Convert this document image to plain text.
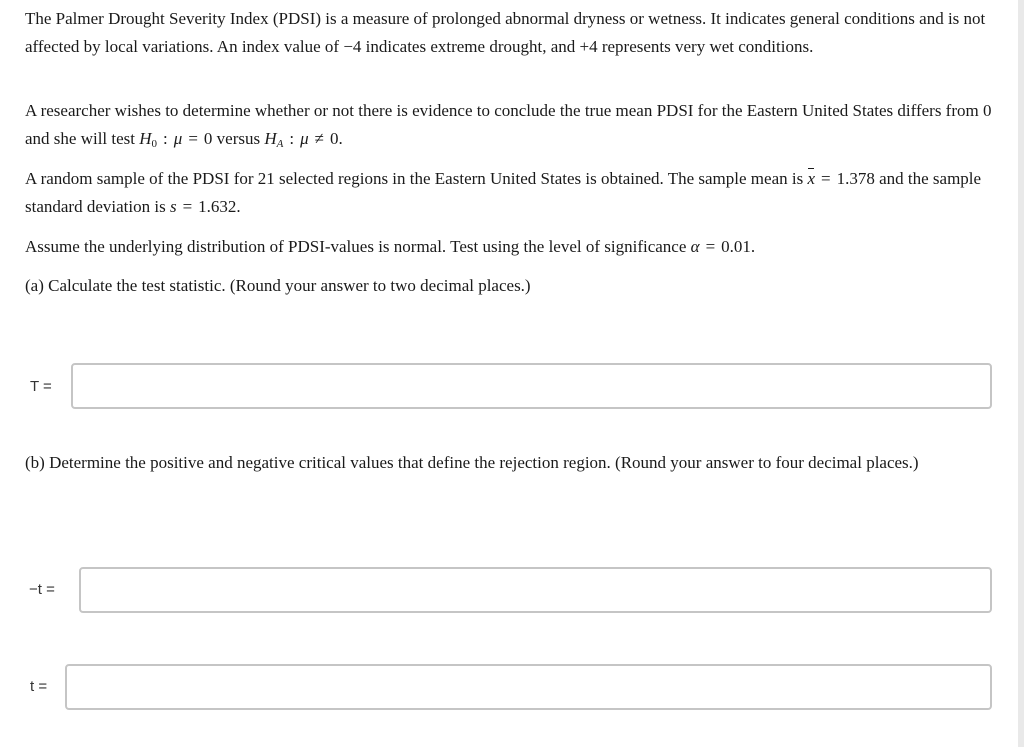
The Palmer Drought Severity Index (PDSI) is a measure of prolonged abnormal dryness or wetness. It indicates general conditions and is not affected by local variations. An index value of −4 indicates extreme drought, and +4 represents very wet conditions.

A researcher wishes to determine whether or not there is evidence to conclude the true mean PDSI for the Eastern United States differs from 0 and she will test $H_0$ : μ = 0 versus $H_A$ : μ ≠ 0.

A random sample of the PDSI for 21 selected regions in the Eastern United States is obtained. The sample mean is x = 1.378 and the sample standard deviation is s = 1.632.

Assume the underlying distribution of PDSI-values is normal. Test using the level of significance α = 0.01.

(a) Calculate the test statistic. (Round your answer to two decimal places.)

T =

(b) Determine the positive and negative critical values that define the rejection region. (Round your answer to four decimal places.)

−t =
t =
